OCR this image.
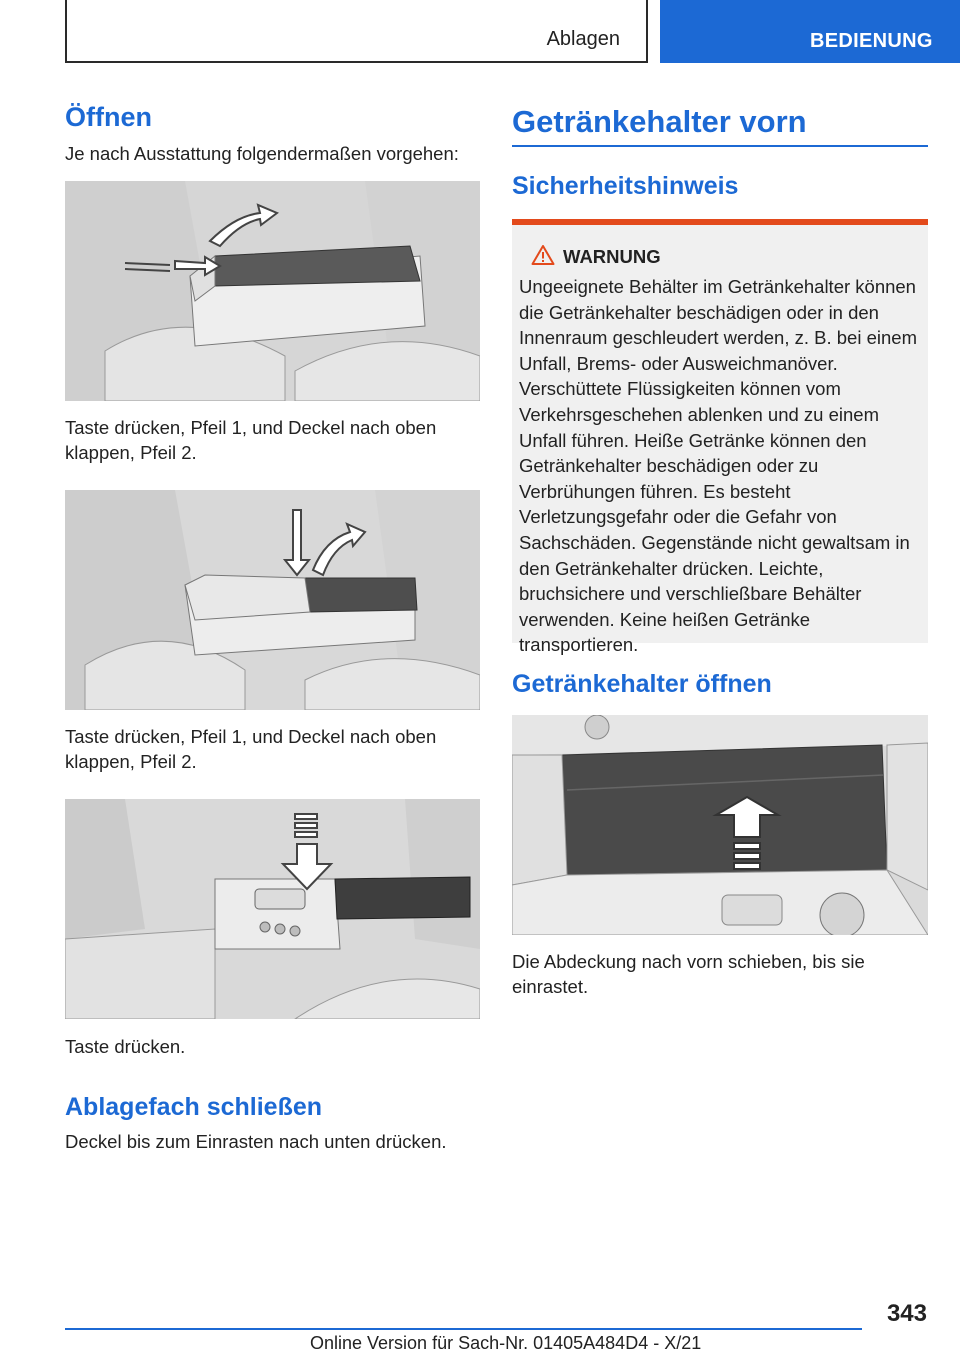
Ablagen	BEDIENUNG
Öffnen

Je nach Ausstattung folgendermaßen vorgehen:

Taste drücken, Pfeil 1, und Deckel nach oben klappen, Pfeil 2.

Taste drücken, Pfeil 1, und Deckel nach oben klappen, Pfeil 2.

Taste drücken.

Ablagefach schließen

Deckel bis zum Einrasten nach unten drücken.

Getränkehalter vorn
Sicherheitshinweis
WARNUNG
Ungeeignete Behälter im Getränkehalter können die Getränkehalter beschädigen oder in den Innenraum geschleudert werden, z. B. bei einem Unfall, Brems- oder Ausweichmanöver. Verschüttete Flüssigkeiten können vom Verkehrsgeschehen ablenken und zu einem Unfall führen. Heiße Getränke können den Getränkehalter beschädigen oder zu Verbrühungen führen. Es besteht Verletzungsgefahr oder die Gefahr von Sachschäden. Gegenstände nicht gewaltsam in den Getränkehalter drücken. Leichte, bruchsichere und verschließbare Behälter verwenden. Keine heißen Getränke transportieren.
Getränkehalter öffnen

Die Abdeckung nach vorn schieben, bis sie einrastet.

343
Online Version für Sach-Nr. 01405A484D4 - X/21
